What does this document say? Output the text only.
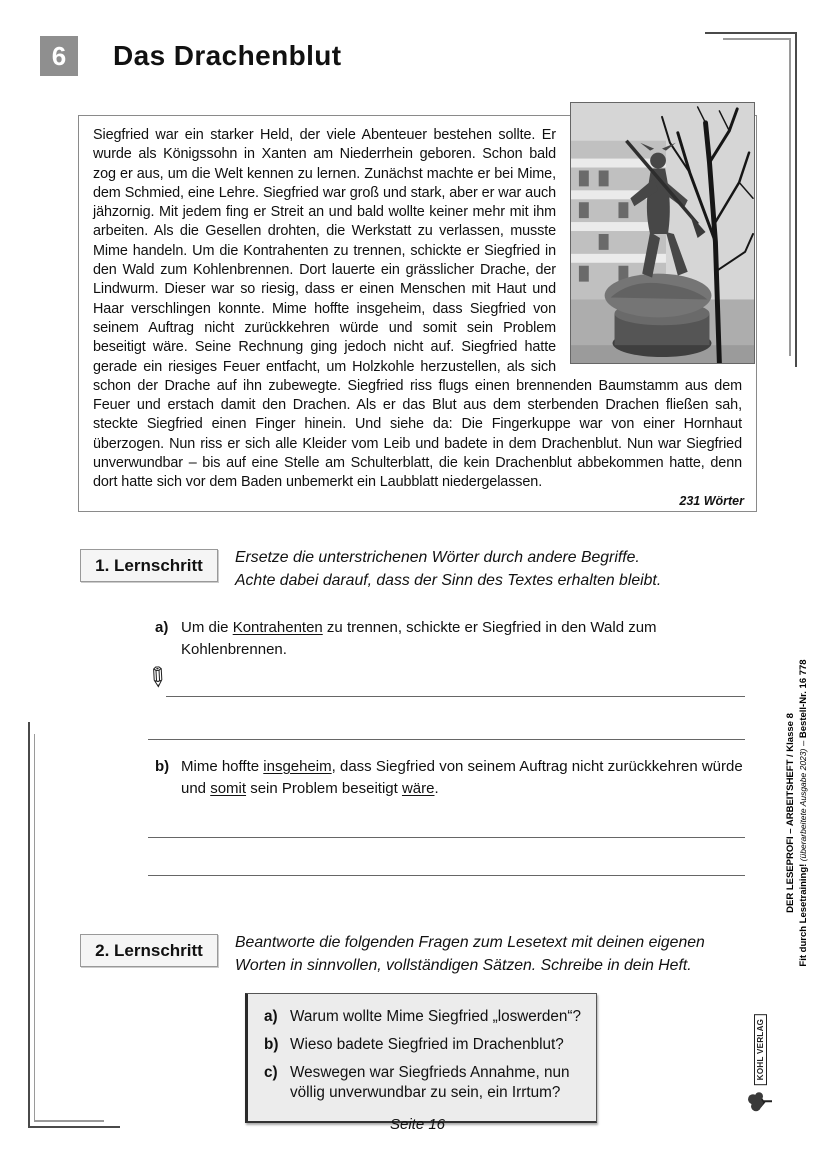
6	Das Drachenblut

Siegfried war ein starker Held, der viele Abenteuer bestehen sollte. Er wurde als Königssohn in Xanten am Niederrhein geboren. Schon bald zog er aus, um die Welt kennen zu lernen. Zunächst machte er bei Mime, dem Schmied, eine Lehre. Siegfried war groß und stark, aber er war auch jähzornig. Mit jedem fing er Streit an und bald wollte keiner mehr mit ihm arbeiten. Als die Gesellen drohten, die Werkstatt zu verlassen, musste Mime handeln. Um die Kontrahenten zu trennen, schickte er Siegfried in den Wald zum Kohlenbrennen. Dort lauerte ein grässlicher Drache, der Lindwurm. Dieser war so riesig, dass er einen Menschen mit Haut und Haar verschlingen konnte. Mime hoffte insgeheim, dass Siegfried von seinem Auftrag nicht zurückkehren würde und somit sein Problem beseitigt wäre. Seine Rechnung ging jedoch nicht auf. Siegfried hatte gerade ein riesiges Feuer entfacht, um Holzkohle herzustellen, als sich schon der Drache auf ihn zubewegte. Siegfried riss flugs einen brennenden Baumstamm aus dem Feuer und erstach damit den Drachen. Als er das Blut aus dem sterbenden Drachen fließen sah, steckte Siegfried einen Finger hinein. Und siehe da: Die Fingerkuppe war von einer Hornhaut überzogen. Nun riss er sich alle Kleider vom Leib und badete in dem Drachenblut. Nun war Siegfried unverwundbar – bis auf eine Stelle am Schulterblatt, die kein Drachenblut abbekommen hatte, denn dort hatte sich vor dem Baden unbemerkt ein Laubblatt niedergelassen.

231 Wörter
1. Lernschritt	Ersetze die unterstrichenen Wörter durch andere Begriffe.
Achte dabei darauf, dass der Sinn des Textes erhalten bleibt.
a) Um die Kontrahenten zu trennen, schickte er Siegfried in den Wald zum Kohlenbrennen.
✎
b) Mime hoffte insgeheim, dass Siegfried von seinem Auftrag nicht zurückkehren würde und somit sein Problem beseitigt wäre.
2. Lernschritt	Beantworte die folgenden Fragen zum Lesetext mit deinen eigenen
Worten in sinnvollen, vollständigen Sätzen. Schreibe in dein Heft.
a) Warum wollte Mime Siegfried „loswerden“?
b) Wieso badete Siegfried im Drachenblut?
c) Weswegen war Siegfrieds Annahme, nun völlig unverwundbar zu sein, ein Irrtum?
DER LESEPROFI – ARBEITSHEFT / Klasse 8
Fit durch Lesetraining! (überarbeitete Ausgabe 2023) – Bestell-Nr. 16 778
KOHL VERLAG
Seite 16
